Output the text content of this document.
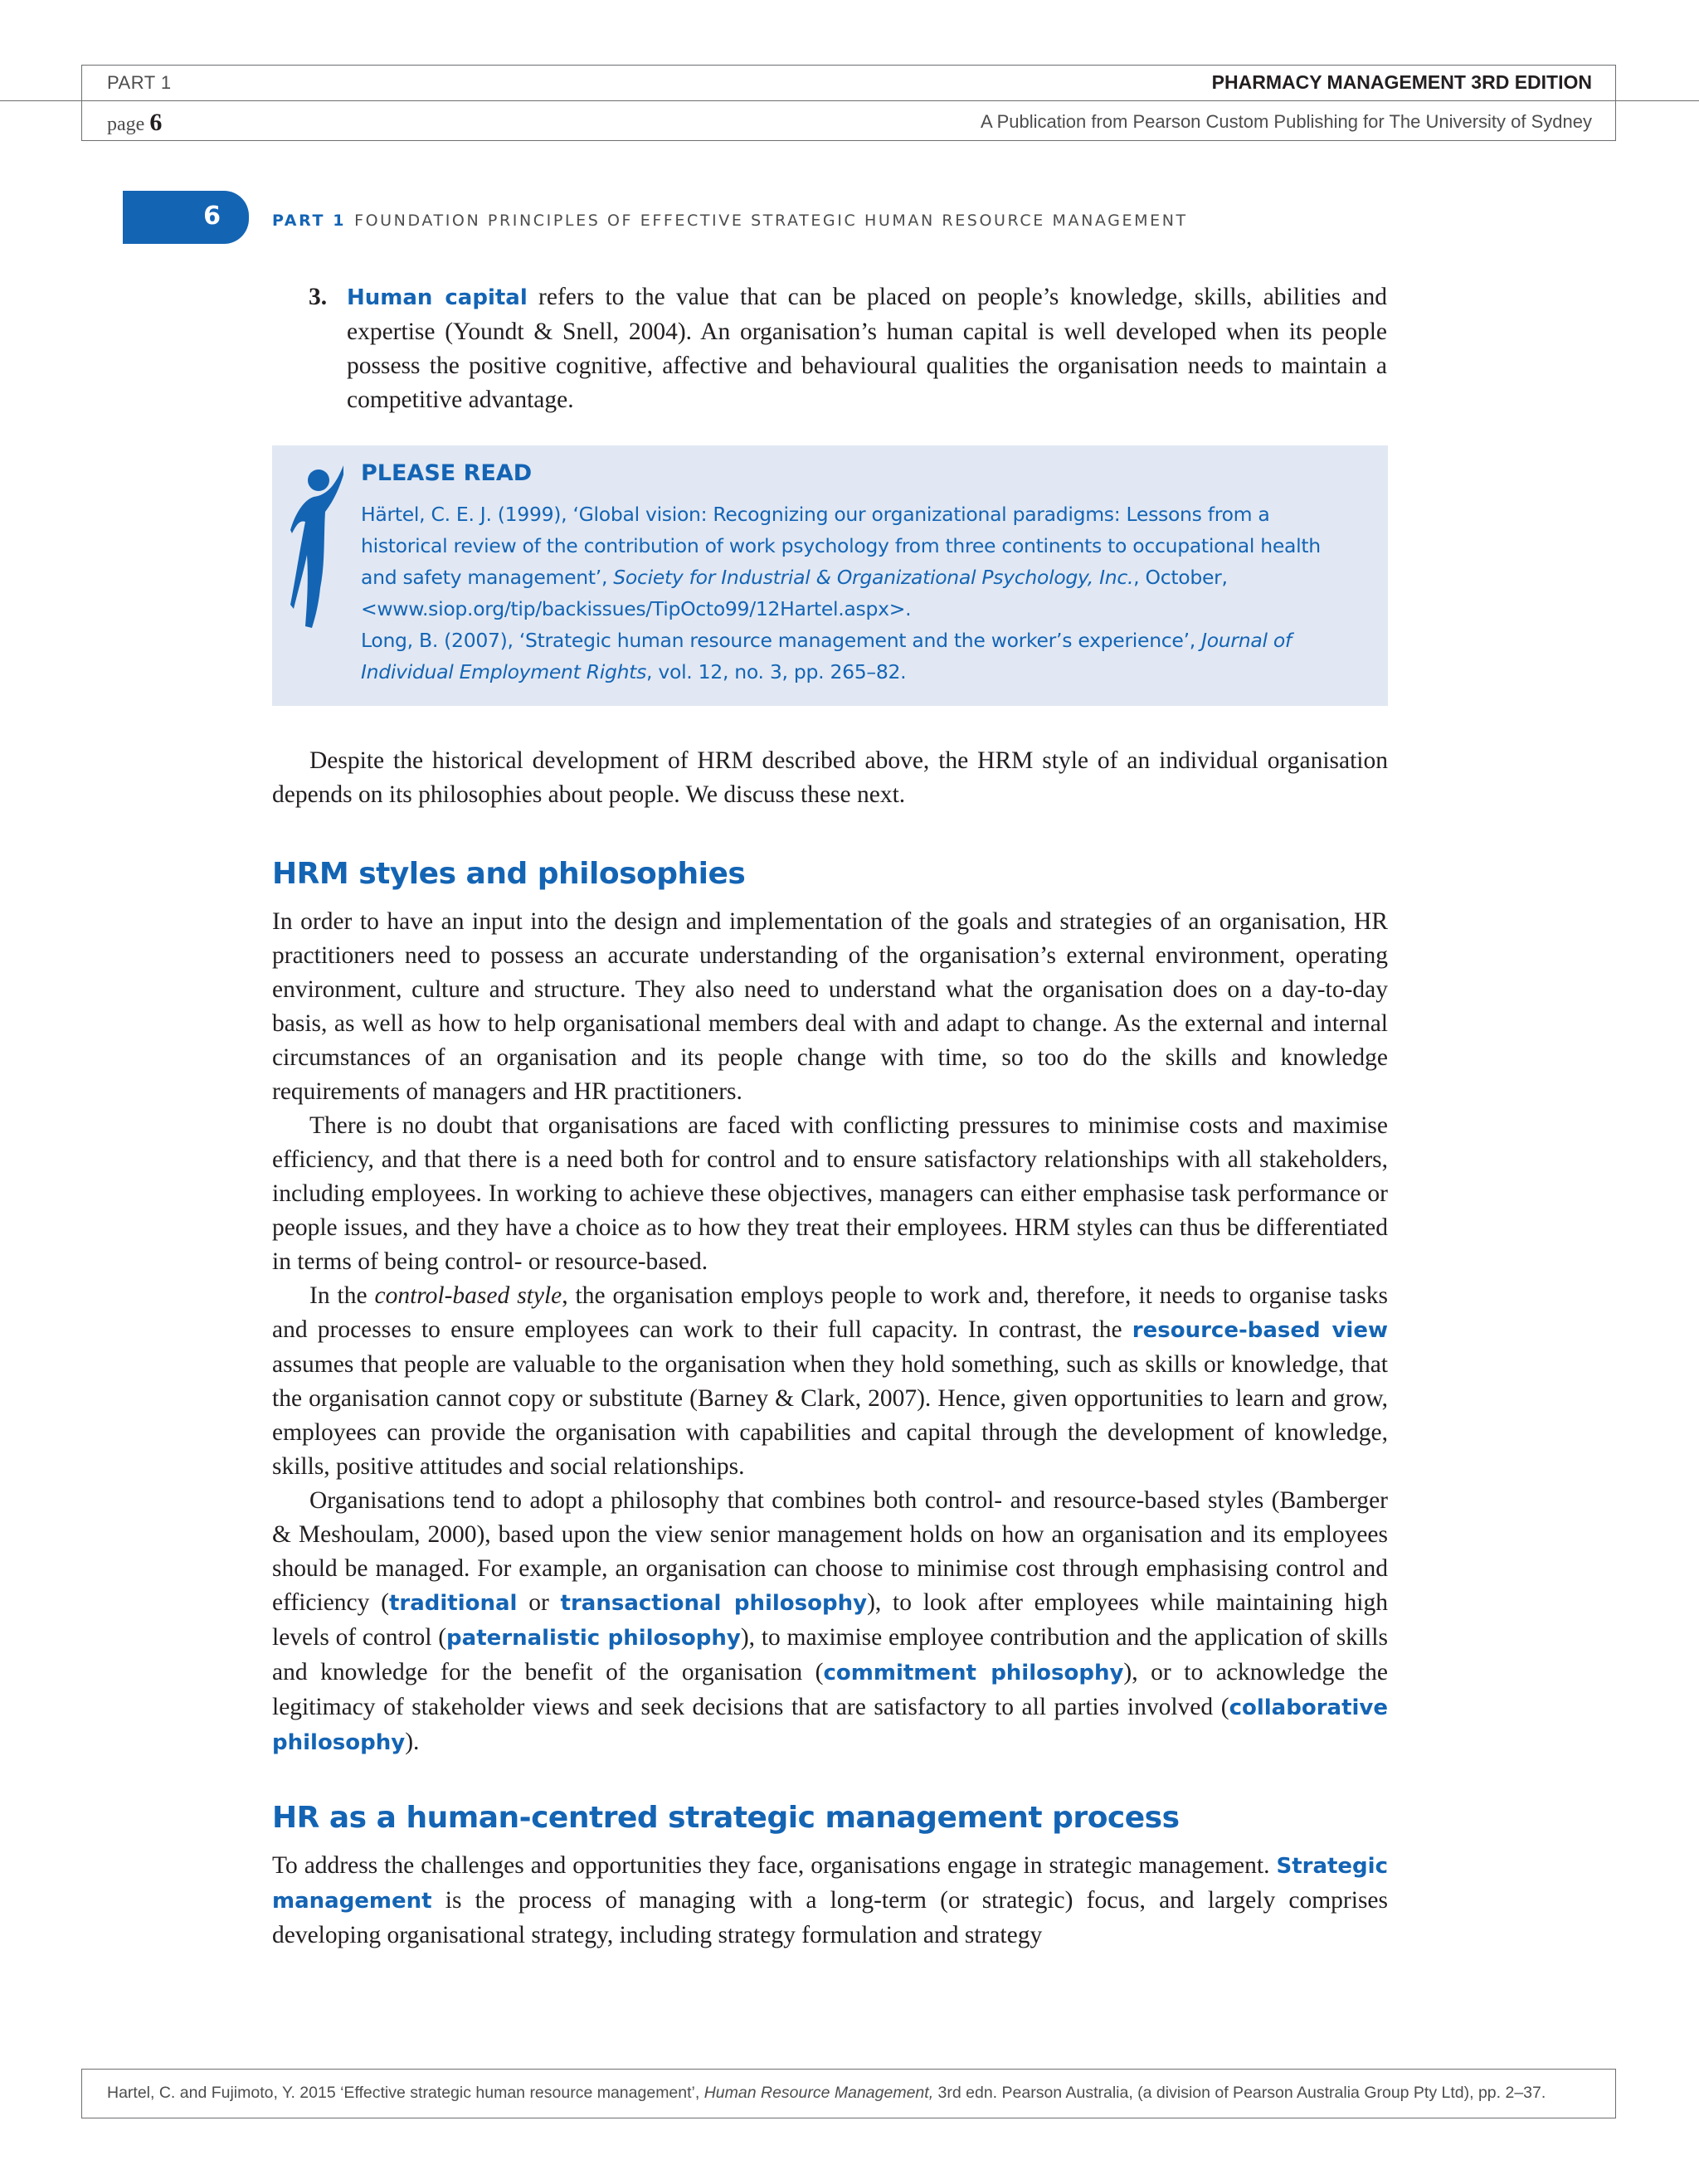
PART 1	PHARMACY MANAGEMENT 3RD EDITION
page 6	A Publication from Pearson Custom Publishing for The University of Sydney
6	PART 1 FOUNDATION PRINCIPLES OF EFFECTIVE STRATEGIC HUMAN RESOURCE MANAGEMENT
3. Human capital refers to the value that can be placed on people’s knowledge, skills, abilities and expertise (Youndt & Snell, 2004). An organisation’s human capital is well developed when its people possess the positive cognitive, affective and behavioural qualities the organisation needs to maintain a competitive advantage.
PLEASE READ

Härtel, C. E. J. (1999), ‘Global vision: Recognizing our organizational paradigms: Lessons from a historical review of the contribution of work psychology from three continents to occupational health and safety management’, Society for Industrial & Organizational Psychology, Inc., October, <www.siop.org/tip/backissues/TipOcto99/12Hartel.aspx>.

Long, B. (2007), ‘Strategic human resource management and the worker’s experience’, Journal of Individual Employment Rights, vol. 12, no. 3, pp. 265–82.

Despite the historical development of HRM described above, the HRM style of an individual organisation depends on its philosophies about people. We discuss these next.

HRM styles and philosophies

In order to have an input into the design and implementation of the goals and strategies of an organisation, HR practitioners need to possess an accurate understanding of the organisation’s external environment, operating environment, culture and structure. They also need to understand what the organisation does on a day-to-day basis, as well as how to help organisational members deal with and adapt to change. As the external and internal circumstances of an organisation and its people change with time, so too do the skills and knowledge requirements of managers and HR practitioners.

There is no doubt that organisations are faced with conflicting pressures to minimise costs and maximise efficiency, and that there is a need both for control and to ensure satisfactory relationships with all stakeholders, including employees. In working to achieve these objectives, managers can either emphasise task performance or people issues, and they have a choice as to how they treat their employees. HRM styles can thus be differentiated in terms of being control- or resource-based.

In the control-based style, the organisation employs people to work and, therefore, it needs to organise tasks and processes to ensure employees can work to their full capacity. In contrast, the resource-based view assumes that people are valuable to the organisation when they hold something, such as skills or knowledge, that the organisation cannot copy or substitute (Barney & Clark, 2007). Hence, given opportunities to learn and grow, employees can provide the organisation with capabilities and capital through the development of knowledge, skills, positive attitudes and social relationships.

Organisations tend to adopt a philosophy that combines both control- and resource-based styles (Bamberger & Meshoulam, 2000), based upon the view senior management holds on how an organisation and its employees should be managed. For example, an organisation can choose to minimise cost through emphasising control and efficiency (traditional or transactional philosophy), to look after employees while maintaining high levels of control (paternalistic philosophy), to maximise employee contribution and the application of skills and knowledge for the benefit of the organisation (commitment philosophy), or to acknowledge the legitimacy of stakeholder views and seek decisions that are satisfactory to all parties involved (collaborative philosophy).

HR as a human-centred strategic management process

To address the challenges and opportunities they face, organisations engage in strategic management. Strategic management is the process of managing with a long-term (or strategic) focus, and largely comprises developing organisational strategy, including strategy formulation and strategy

Hartel, C. and Fujimoto, Y. 2015 ‘Effective strategic human resource management’, Human Resource Management, 3rd edn. Pearson Australia, (a division of Pearson Australia Group Pty Ltd), pp. 2–37.
